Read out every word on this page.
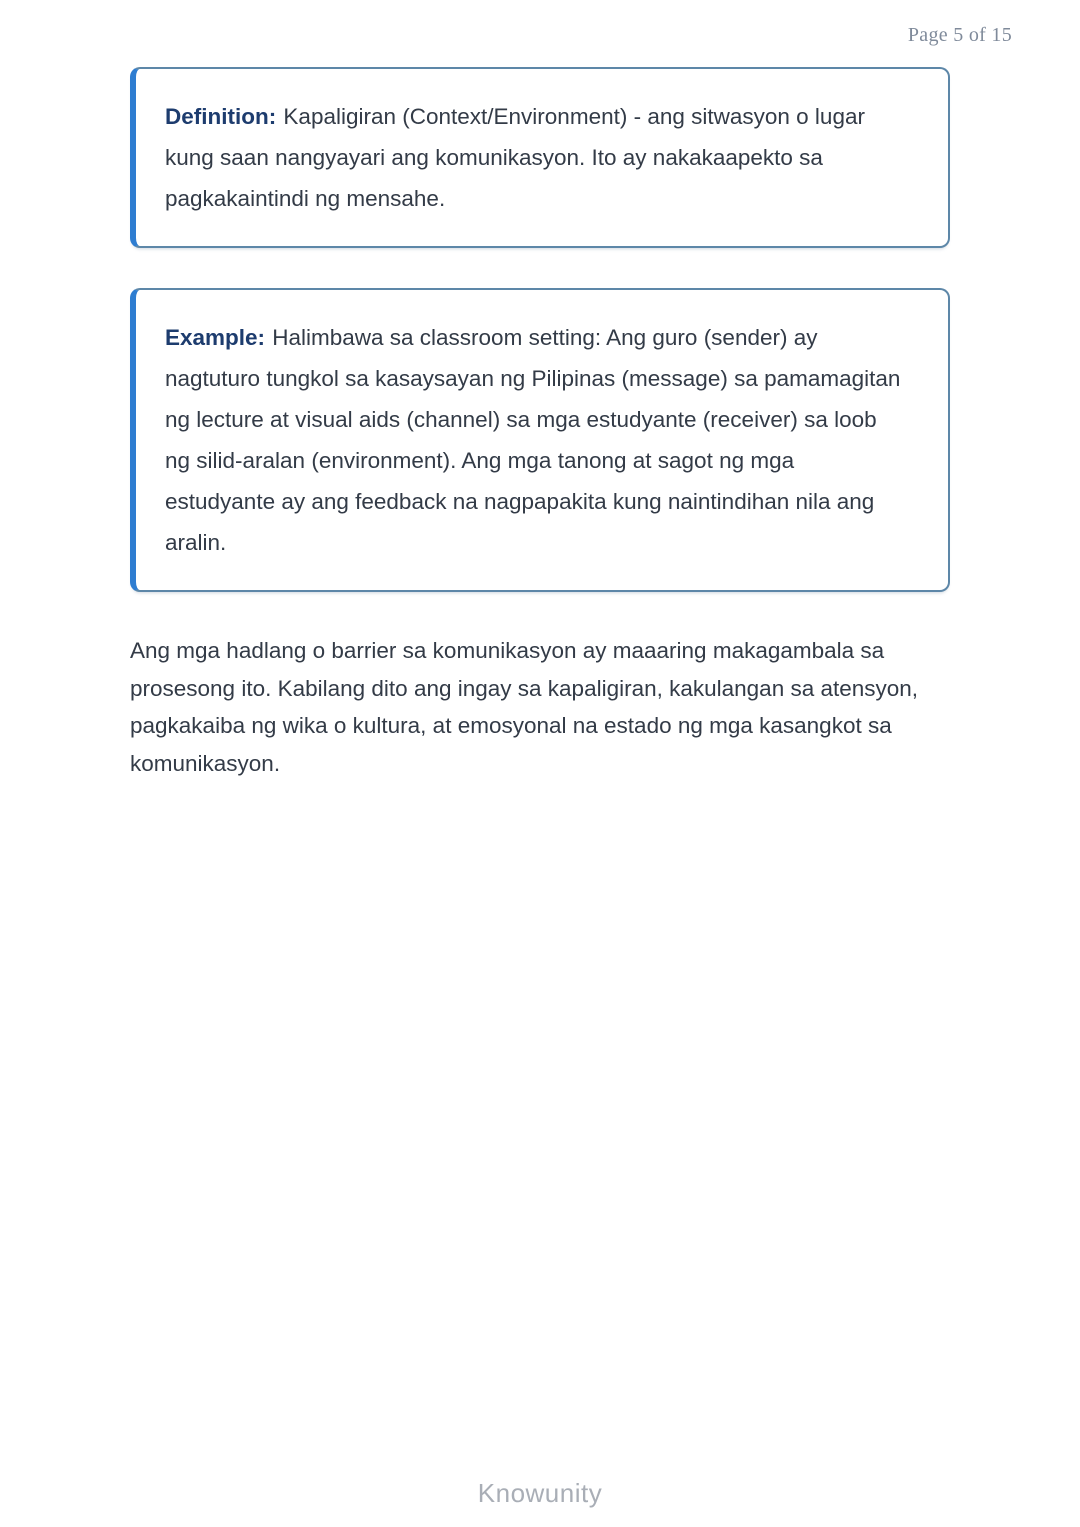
Page 5 of 15

Definition: Kapaligiran (Context/Environment) - ang sitwasyon o lugar kung saan nangyayari ang komunikasyon. Ito ay nakakaapekto sa pagkakaintindi ng mensahe.

Example: Halimbawa sa classroom setting: Ang guro (sender) ay nagtuturo tungkol sa kasaysayan ng Pilipinas (message) sa pamamagitan ng lecture at visual aids (channel) sa mga estudyante (receiver) sa loob ng silid-aralan (environment). Ang mga tanong at sagot ng mga estudyante ay ang feedback na nagpapakita kung naintindihan nila ang aralin.

Ang mga hadlang o barrier sa komunikasyon ay maaaring makagambala sa prosesong ito. Kabilang dito ang ingay sa kapaligiran, kakulangan sa atensyon, pagkakaiba ng wika o kultura, at emosyonal na estado ng mga kasangkot sa komunikasyon.

Knowunity
